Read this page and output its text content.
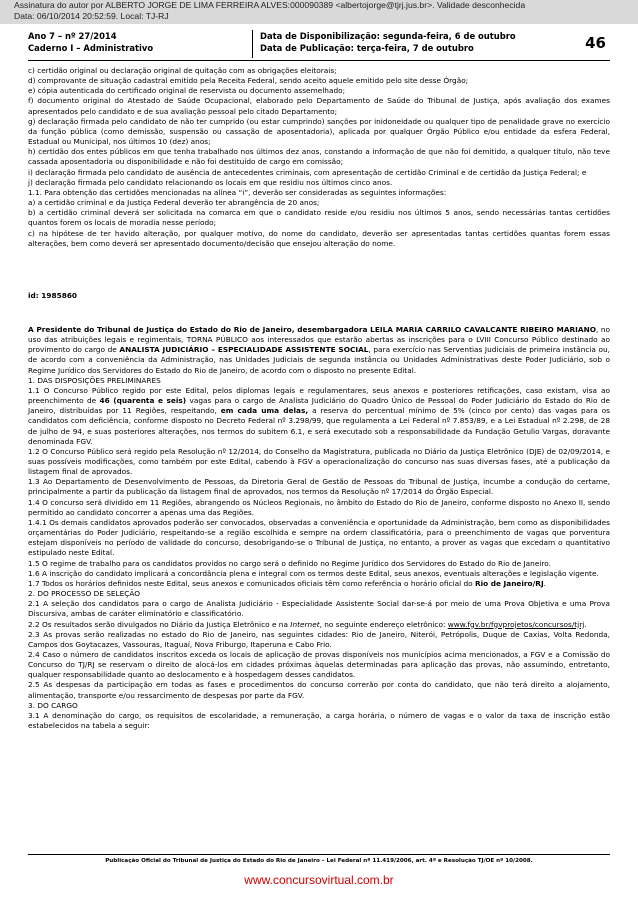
Assinatura do autor por ALBERTO JORGE DE LIMA FERREIRA ALVES:000090389 <albertojorge@tjrj.jus.br>. Validade desconhecida
Data: 06/10/2014 20:52:59. Local: TJ-RJ
Ano 7 – nº 27/2014
Caderno I – Administrativo
Data de Disponibilização: segunda-feira, 6 de outubro
Data de Publicação: terça-feira, 7 de outubro	46

c) certidão original ou declaração original de quitação com as obrigações eleitorais;

d) comprovante de situação cadastral emitido pela Receita Federal, sendo aceito aquele emitido pelo site desse Órgão;

e) cópia autenticada do certificado original de reservista ou documento assemelhado;

f) documento original do Atestado de Saúde Ocupacional, elaborado pelo Departamento de Saúde do Tribunal de Justiça, após avaliação dos exames apresentados pelo candidato e de sua avaliação pessoal pelo citado Departamento;

g) declaração firmada pelo candidato de não ter cumprido (ou estar cumprindo) sanções por inidoneidade ou qualquer tipo de penalidade grave no exercício da função pública (como demissão, suspensão ou cassação de aposentadoria), aplicada por qualquer Órgão Público e/ou entidade da esfera Federal, Estadual ou Municipal, nos últimos 10 (dez) anos;

h) certidão dos entes públicos em que tenha trabalhado nos últimos dez anos, constando a informação de que não foi demitido, a qualquer título, não teve cassada aposentadoria ou disponibilidade e não foi destituído de cargo em comissão;

i) declaração firmada pelo candidato de ausência de antecedentes criminais, com apresentação de certidão Criminal e de certidão da Justiça Federal; e

j) declaração firmada pelo candidato relacionando os locais em que residiu nos últimos cinco anos.

1.1. Para obtenção das certidões mencionadas na alínea “i”, deverão ser consideradas as seguintes informações:

a) a certidão criminal e da Justiça Federal deverão ter abrangência de 20 anos;

b) a certidão criminal deverá ser solicitada na comarca em que o candidato reside e/ou residiu nos últimos 5 anos, sendo necessárias tantas certidões quantos forem os locais de moradia nesse período;

c) na hipótese de ter havido alteração, por qualquer motivo, do nome do candidato, deverão ser apresentadas tantas certidões quantas forem essas alterações, bem como deverá ser apresentado documento/decisão que ensejou alteração do nome.

id: 1985860

A Presidente do Tribunal de Justiça do Estado do Rio de Janeiro, desembargadora LEILA MARIA CARRILO CAVALCANTE RIBEIRO MARIANO, no uso das atribuições legais e regimentais, TORNA PÚBLICO aos interessados que estarão abertas as inscrições para o LVIII Concurso Público destinado ao provimento do cargo de ANALISTA JUDICIÁRIO – ESPECIALIDADE ASSISTENTE SOCIAL, para exercício nas Serventias Judiciais de primeira instância ou, de acordo com a conveniência da Administração, nas Unidades Judiciais de segunda instância ou Unidades Administrativas deste Poder Judiciário, sob o Regime Jurídico dos Servidores do Estado do Rio de Janeiro, de acordo com o disposto no presente Edital.

1. DAS DISPOSIÇÕES PRELIMINARES

1.1 O Concurso Público regido por este Edital, pelos diplomas legais e regulamentares, seus anexos e posteriores retificações, caso existam, visa ao preenchimento de 46 (quarenta e seis) vagas para o cargo de Analista Judiciário do Quadro Único de Pessoal do Poder Judiciário do Estado do Rio de Janeiro, distribuídas por 11 Regiões, respeitando, em cada uma delas, a reserva do percentual mínimo de 5% (cinco por cento) das vagas para os candidatos com deficiência, conforme disposto no Decreto Federal nº 3.298/99, que regulamenta a Lei Federal nº 7.853/89, e a Lei Estadual nº 2.298, de 28 de julho de 94, e suas posteriores alterações, nos termos do subitem 6.1, e será executado sob a responsabilidade da Fundação Getulio Vargas, doravante denominada FGV.

1.2 O Concurso Público será regido pela Resolução nº 12/2014, do Conselho da Magistratura, publicada no Diário da Justiça Eletrônico (DJE) de 02/09/2014, e suas possíveis modificações, como também por este Edital, cabendo à FGV a operacionalização do concurso nas suas diversas fases, até a publicação da listagem final de aprovados.

1.3 Ao Departamento de Desenvolvimento de Pessoas, da Diretoria Geral de Gestão de Pessoas do Tribunal de Justiça, incumbe a condução do certame, principalmente a partir da publicação da listagem final de aprovados, nos termos da Resolução nº 17/2014 do Órgão Especial.

1.4 O concurso será dividido em 11 Regiões, abrangendo os Núcleos Regionais, no âmbito do Estado do Rio de Janeiro, conforme disposto no Anexo II, sendo permitido ao candidato concorrer a apenas uma das Regiões.

1.4.1 Os demais candidatos aprovados poderão ser convocados, observadas a conveniência e oportunidade da Administração, bem como as disponibilidades orçamentárias do Poder Judiciário, respeitando-se a região escolhida e sempre na ordem classificatória, para o preenchimento de vagas que porventura estejam disponíveis no período de validade do concurso, desobrigando-se o Tribunal de Justiça, no entanto, a prover as vagas que excedam o quantitativo estipulado neste Edital.

1.5 O regime de trabalho para os candidatos providos no cargo será o definido no Regime Jurídico dos Servidores do Estado do Rio de Janeiro.

1.6 A inscrição do candidato implicará a concordância plena e integral com os termos deste Edital, seus anexos, eventuais alterações e legislação vigente.

1.7 Todos os horários definidos neste Edital, seus anexos e comunicados oficiais têm como referência o horário oficial do Rio de Janeiro/RJ.

2. DO PROCESSO DE SELEÇÃO

2.1 A seleção dos candidatos para o cargo de Analista Judiciário - Especialidade Assistente Social dar-se-á por meio de uma Prova Objetiva e uma Prova Discursiva, ambas de caráter eliminatório e classificatório.

2.2 Os resultados serão divulgados no Diário da Justiça Eletrônico e na Internet, no seguinte endereço eletrônico: www.fgv.br/fgvprojetos/concursos/tjrj.

2.3 As provas serão realizadas no estado do Rio de Janeiro, nas seguintes cidades: Rio de Janeiro, Niterói, Petrópolis, Duque de Caxias, Volta Redonda, Campos dos Goytacazes, Vassouras, Itaguaí, Nova Friburgo, Itaperuna e Cabo Frio.

2.4 Caso o número de candidatos inscritos exceda os locais de aplicação de provas disponíveis nos municípios acima mencionados, a FGV e a Comissão do Concurso do TJ/RJ se reservam o direito de alocá-los em cidades próximas àquelas determinadas para aplicação das provas, não assumindo, entretanto, qualquer responsabilidade quanto ao deslocamento e à hospedagem desses candidatos.

2.5 As despesas da participação em todas as fases e procedimentos do concurso correrão por conta do candidato, que não terá direito a alojamento, alimentação, transporte e/ou ressarcimento de despesas por parte da FGV.

3. DO CARGO

3.1 A denominação do cargo, os requisitos de escolaridade, a remuneração, a carga horária, o número de vagas e o valor da taxa de inscrição estão estabelecidos na tabela a seguir:

Publicação Oficial do Tribunal de Justiça do Estado do Rio de Janeiro – Lei Federal nº 11.419/2006, art. 4º e Resolução TJ/OE nº 10/2008.
www.concursovirtual.com.br
